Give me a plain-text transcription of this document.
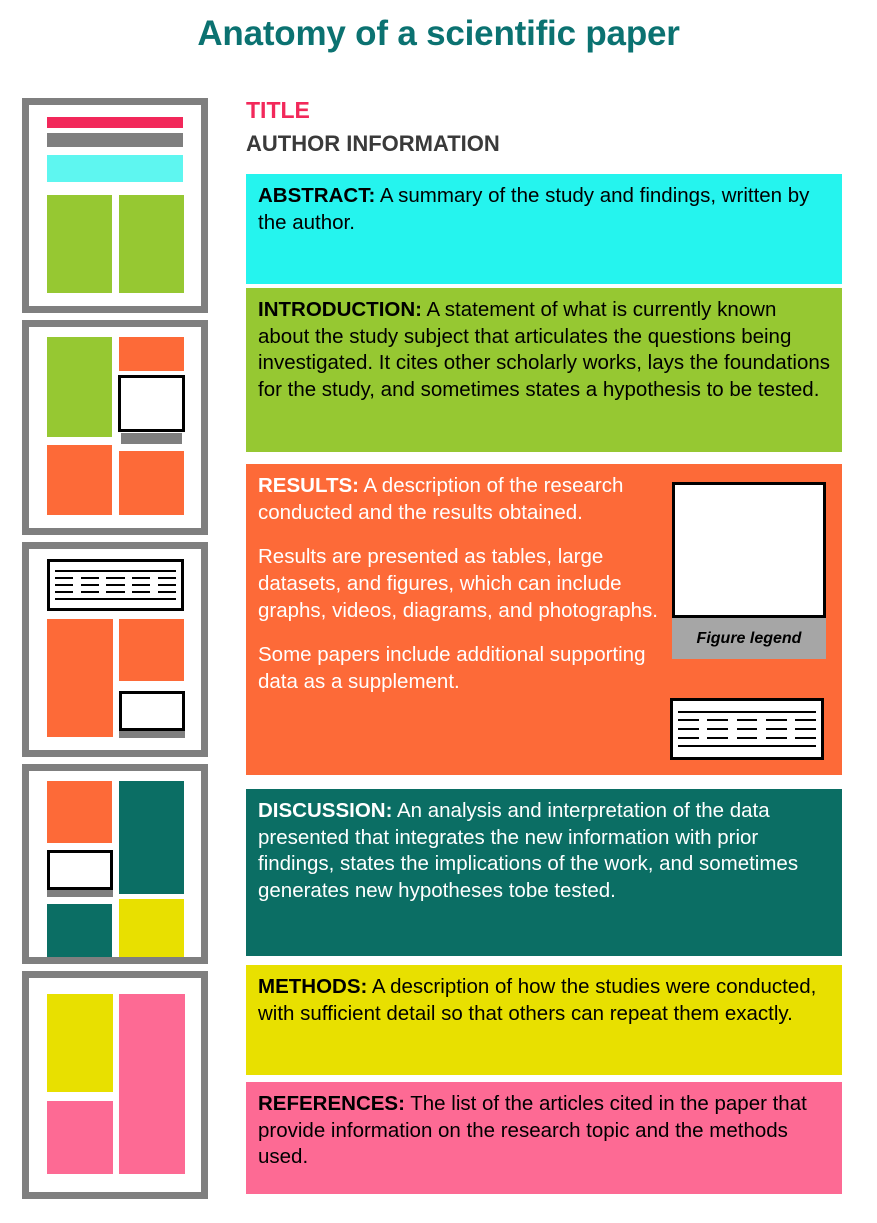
Anatomy of a scientific paper
TITLE
AUTHOR INFORMATION

ABSTRACT: A summary of the study and findings, written by the author.

INTRODUCTION: A statement of what is currently known about the study subject that articulates the questions being investigated. It cites other scholarly works, lays the foundations for the study, and sometimes states a hypothesis to be tested.

RESULTS: A description of the research conducted and the results obtained.

Results are presented as tables, large datasets, and figures, which can include graphs, videos, diagrams, and photographs.

Some papers include additional supporting data as a supplement.

Figure legend

DISCUSSION: An analysis and interpretation of the data presented that integrates the new information with prior findings, states the implications of the work, and sometimes generates new hypotheses tobe tested.

METHODS: A description of how the studies were conducted, with sufficient detail so that others can repeat them exactly.

REFERENCES: The list of the articles cited in the paper that provide information on the research topic and the methods used.
